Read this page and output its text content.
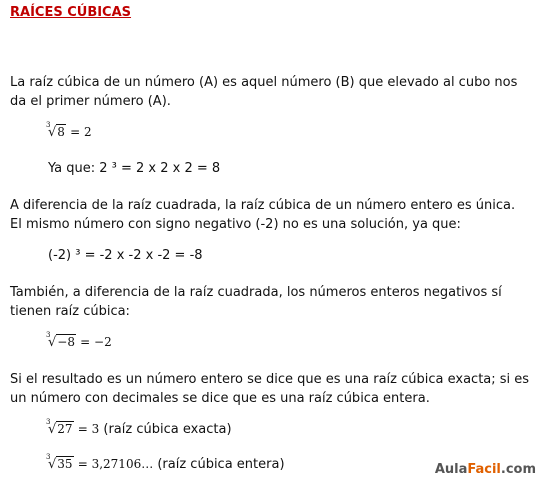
RAÍCES CÚBICAS
La raíz cúbica de un número (A) es aquel número (B) que elevado al cubo nos da el primer número (A).
3
√8 = 2
Ya que: 2 ³ = 2 x 2 x 2 = 8
A diferencia de la raíz cuadrada, la raíz cúbica de un número entero es única. El mismo número con signo negativo (-2) no es una solución, ya que:
(-2) ³ = -2 x -2 x -2 = -8
También, a diferencia de la raíz cuadrada, los números enteros negativos sí tienen raíz cúbica:
3
√−8 = −2
Si el resultado es un número entero se dice que es una raíz cúbica exacta; si es un número con decimales se dice que es una raíz cúbica entera.
3
√27 = 3 (raíz cúbica exacta)
3
√35 = 3,27106… (raíz cúbica entera)	AulaFacil.com
